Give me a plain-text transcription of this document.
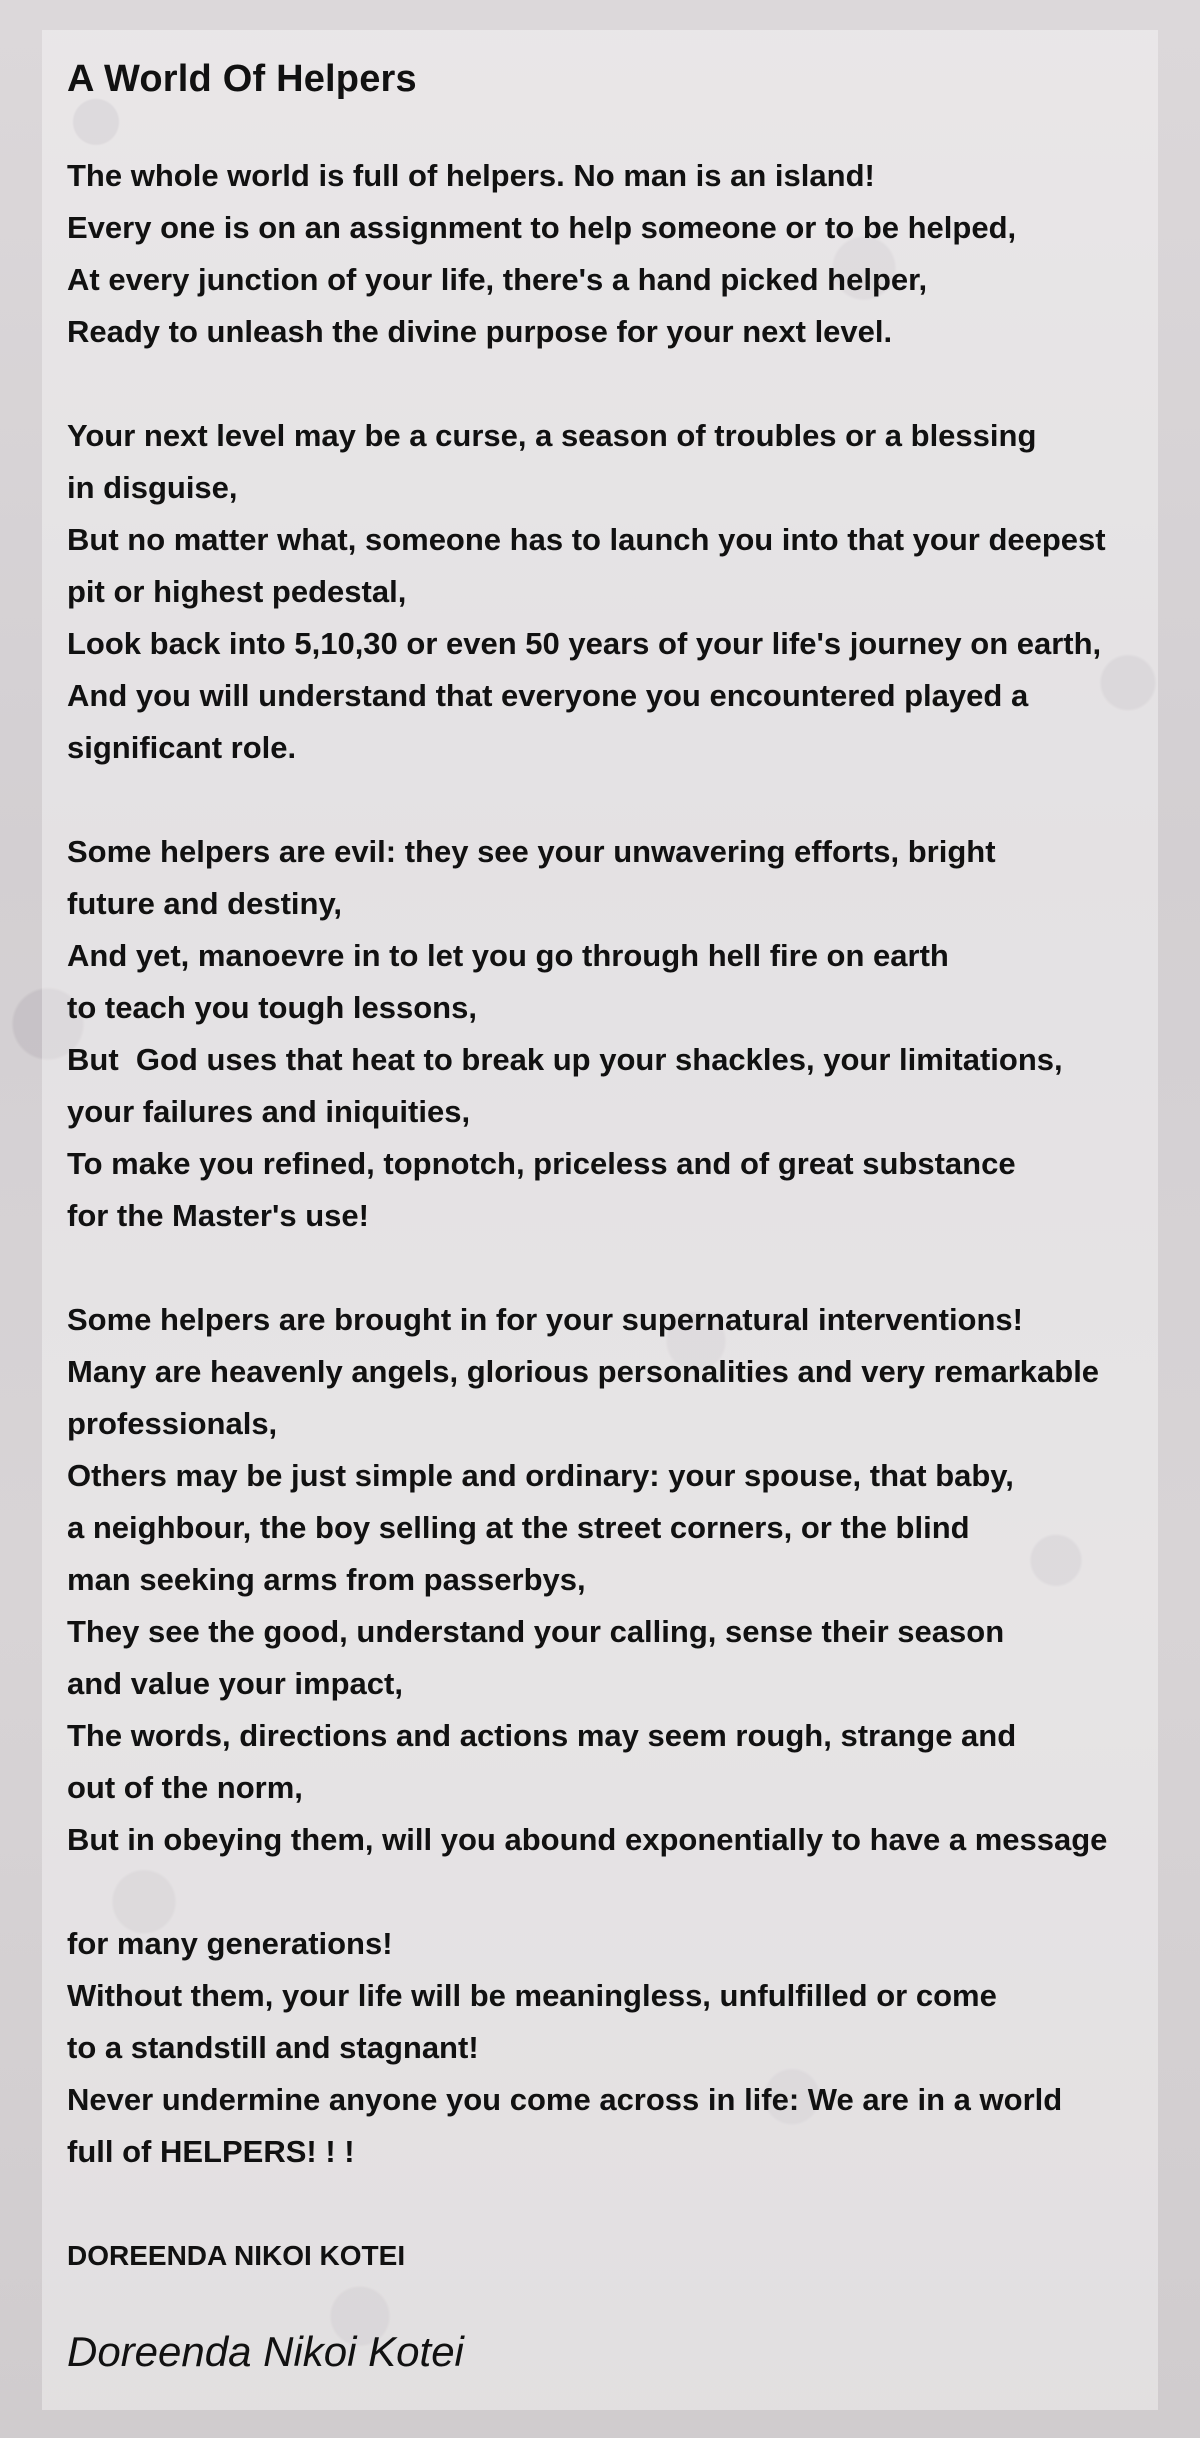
A World Of Helpers
The whole world is full of helpers. No man is an island!
Every one is on an assignment to help someone or to be helped,
At every junction of your life, there's a hand picked helper,
Ready to unleash the divine purpose for your next level.
Your next level may be a curse, a season of troubles or a blessing
in disguise,
But no matter what, someone has to launch you into that your deepest
pit or highest pedestal,
Look back into 5,10,30 or even 50 years of your life's journey on earth,
And you will understand that everyone you encountered played a
significant role.
Some helpers are evil: they see your unwavering efforts, bright
future and destiny,
And yet, manoevre in to let you go through hell fire on earth
to teach you tough lessons,
But  God uses that heat to break up your shackles, your limitations,
your failures and iniquities,
To make you refined, topnotch, priceless and of great substance
for the Master's use!
Some helpers are brought in for your supernatural interventions!
Many are heavenly angels, glorious personalities and very remarkable
professionals,
Others may be just simple and ordinary: your spouse, that baby,
a neighbour, the boy selling at the street corners, or the blind
man seeking arms from passerbys,
They see the good, understand your calling, sense their season
and value your impact,
The words, directions and actions may seem rough, strange and
out of the norm,
But in obeying them, will you abound exponentially to have a message
for many generations!
Without them, your life will be meaningless, unfulfilled or come
to a standstill and stagnant!
Never undermine anyone you come across in life: We are in a world
full of HELPERS! ! !
DOREENDA NIKOI KOTEI
Doreenda Nikoi Kotei
